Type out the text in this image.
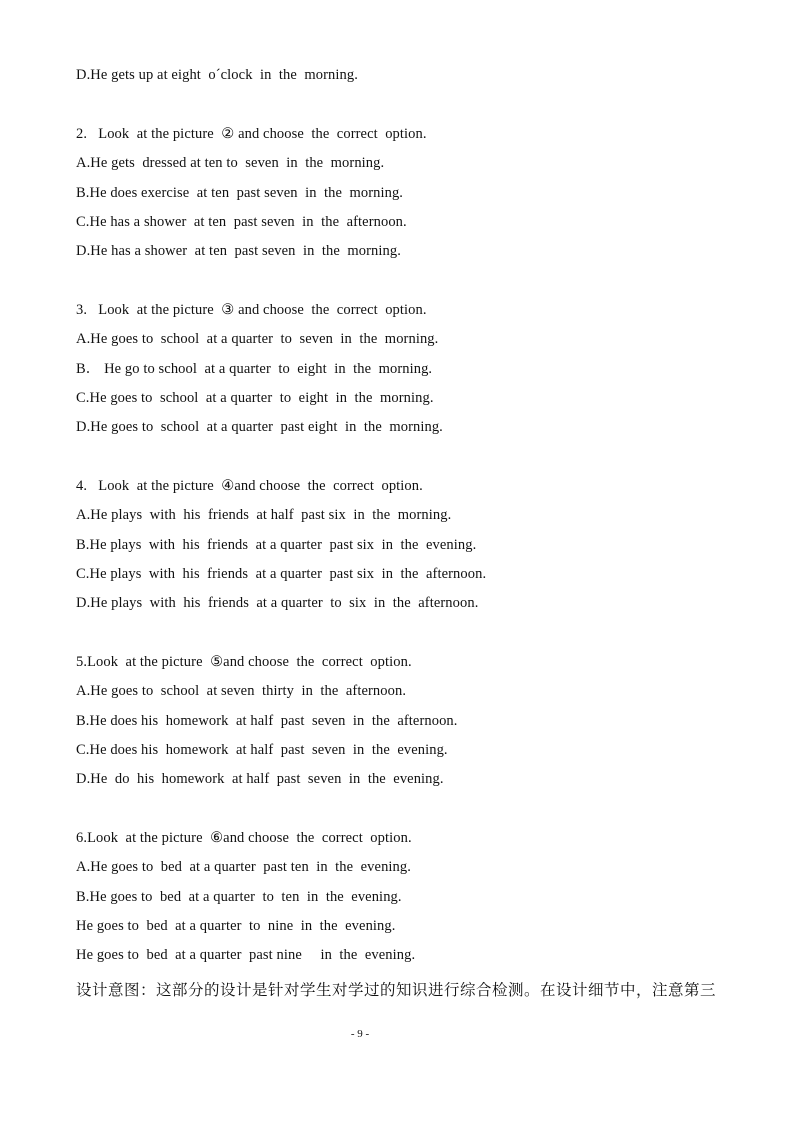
D.He gets up at eight  o´clock  in  the  morning.
2.   Look  at the picture  ② and choose  the  correct  option.
A.He gets  dressed at ten to  seven  in  the  morning.
B.He does exercise  at ten  past seven  in  the  morning.
C.He has a shower  at ten  past seven  in  the  afternoon.
D.He has a shower  at ten  past seven  in  the  morning.
3.   Look  at the picture  ③ and choose  the  correct  option.
A.He goes to  school  at a quarter  to  seven  in  the  morning.
B． He go to school  at a quarter  to  eight  in  the  morning.
C.He goes to  school  at a quarter  to  eight  in  the  morning.
D.He goes to  school  at a quarter  past eight  in  the  morning.
4.   Look  at the picture  ④and choose  the  correct  option.
A.He plays  with  his  friends  at half  past six  in  the  morning.
B.He plays  with  his  friends  at a quarter  past six  in  the  evening.
C.He plays  with  his  friends  at a quarter  past six  in  the  afternoon.
D.He plays  with  his  friends  at a quarter  to  six  in  the  afternoon.
5.Look  at the picture  ⑤and choose  the  correct  option.
A.He goes to  school  at seven  thirty  in  the  afternoon.
B.He does his  homework  at half  past  seven  in  the  afternoon.
C.He does his  homework  at half  past  seven  in  the  evening.
D.He  do  his  homework  at half  past  seven  in  the  evening.
6.Look  at the picture  ⑥and choose  the  correct  option.
A.He goes to  bed  at a quarter  past ten  in  the  evening.
B.He goes to  bed  at a quarter  to  ten  in  the  evening.
He goes to  bed  at a quarter  to  nine  in  the  evening.
He goes to  bed  at a quarter  past nine     in  the  evening.
设计意图：这部分的设计是针对学生对学过的知识进行综合检测。在设计细节中，注意第三
- 9 -
